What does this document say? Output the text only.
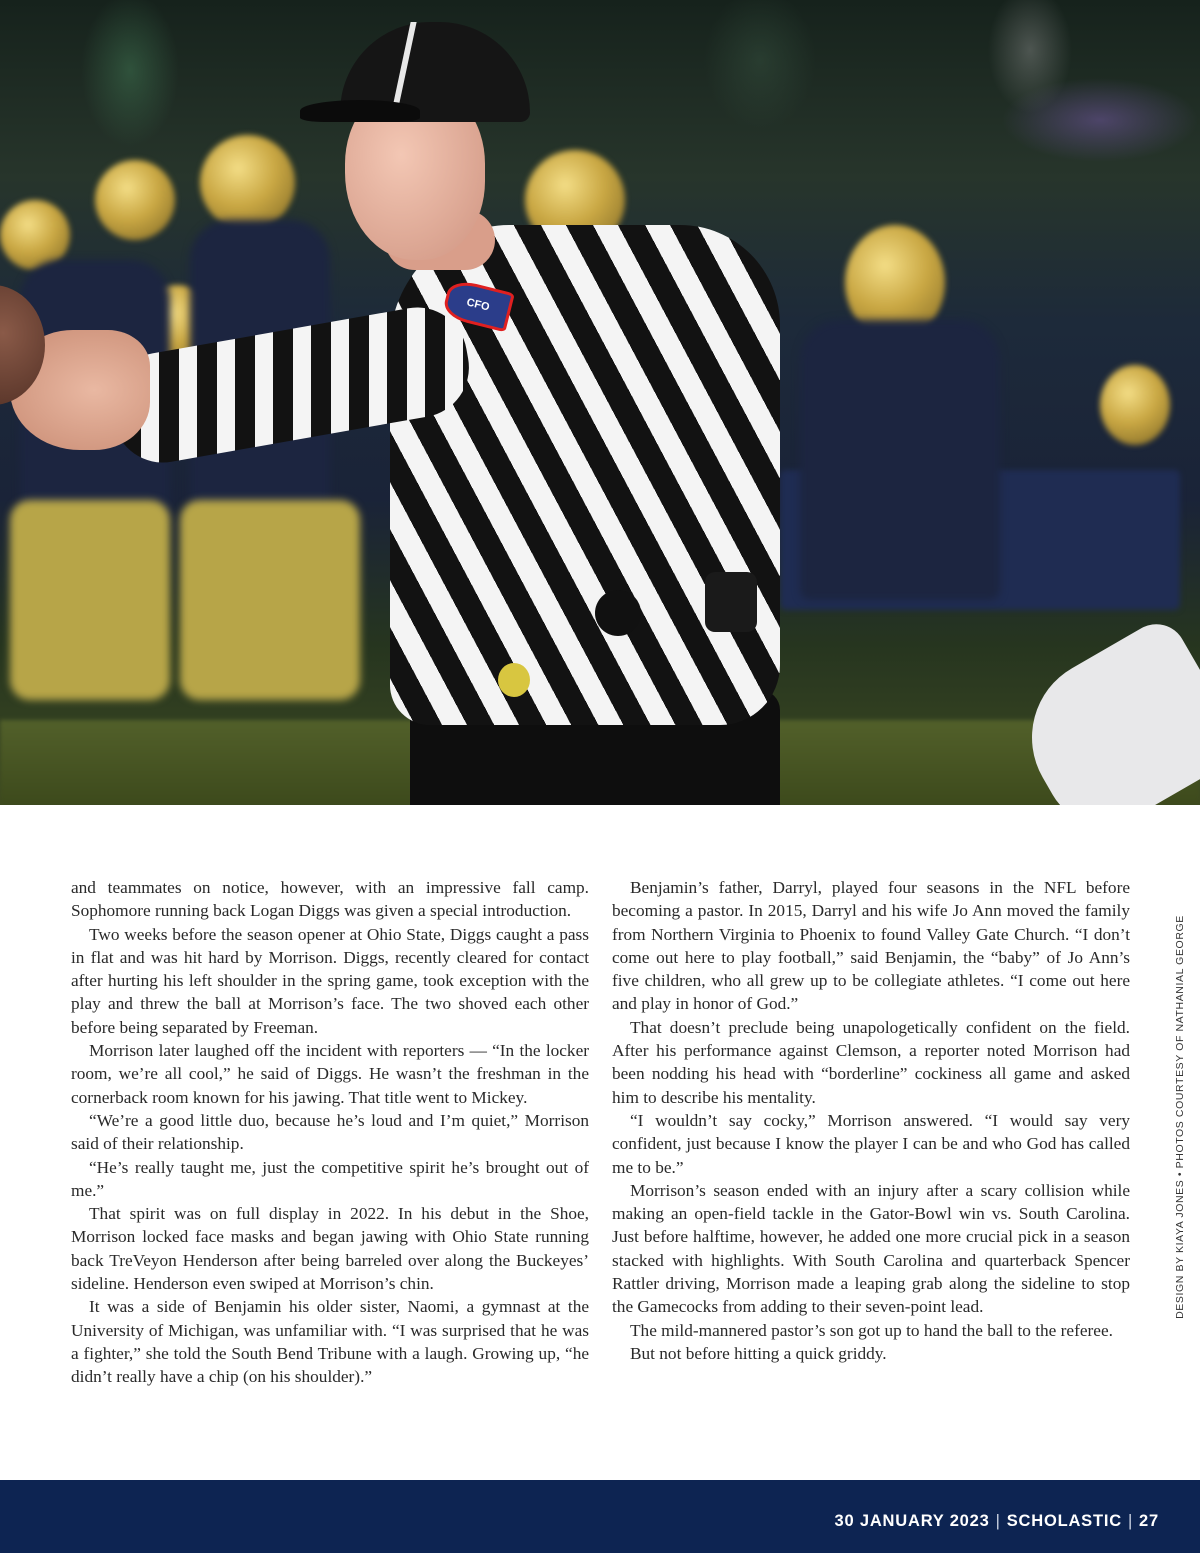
CFO

and teammates on notice, however, with an impressive fall camp. Sophomore running back Logan Diggs was given a special introduction.

Two weeks before the season opener at Ohio State, Diggs caught a pass in flat and was hit hard by Morrison. Diggs, recently cleared for contact after hurting his left shoulder in the spring game, took exception with the play and threw the ball at Morrison’s face. The two shoved each other before being separated by Freeman.

Morrison later laughed off the incident with reporters — “In the locker room, we’re all cool,” he said of Diggs. He wasn’t the freshman in the cornerback room known for his jawing. That title went to Mickey.

“We’re a good little duo, because he’s loud and I’m quiet,” Morrison said of their relationship.

“He’s really taught me, just the competitive spirit he’s brought out of me.”

That spirit was on full display in 2022. In his debut in the Shoe, Morrison locked face masks and began jawing with Ohio State running back TreVeyon Henderson after being barreled over along the Buckeyes’ sideline. Henderson even swiped at Morrison’s chin.

It was a side of Benjamin his older sister, Naomi, a gymnast at the University of Michigan, was unfamiliar with. “I was surprised that he was a fighter,” she told the South Bend Tribune with a laugh. Growing up, “he didn’t really have a chip (on his shoulder).”

Benjamin’s father, Darryl, played four seasons in the NFL before becoming a pastor. In 2015, Darryl and his wife Jo Ann moved the family from Northern Virginia to Phoenix to found Valley Gate Church. “I don’t come out here to play football,” said Benjamin, the “baby” of Jo Ann’s five children, who all grew up to be collegiate athletes. “I come out here and play in honor of God.”

That doesn’t preclude being unapologetically confident on the field. After his performance against Clemson, a reporter noted Morrison had been nodding his head with “borderline” cockiness all game and asked him to describe his mentality.

“I wouldn’t say cocky,” Morrison answered. “I would say very confident, just because I know the player I can be and who God has called me to be.”

Morrison’s season ended with an injury after a scary collision while making an open-field tackle in the Gator-Bowl win vs. South Carolina. Just before halftime, however, he added one more crucial pick in a season stacked with highlights. With South Carolina and quarterback Spencer Rattler driving, Morrison made a leaping grab along the sideline to stop the Gamecocks from adding to their seven-point lead.

The mild-mannered pastor’s son got up to hand the ball to the referee.

But not before hitting a quick griddy.

DESIGN BY KIAYA JONES • PHOTOS COURTESY OF NATHANIAL GEORGE
30 JANUARY 2023 | SCHOLASTIC | 27
